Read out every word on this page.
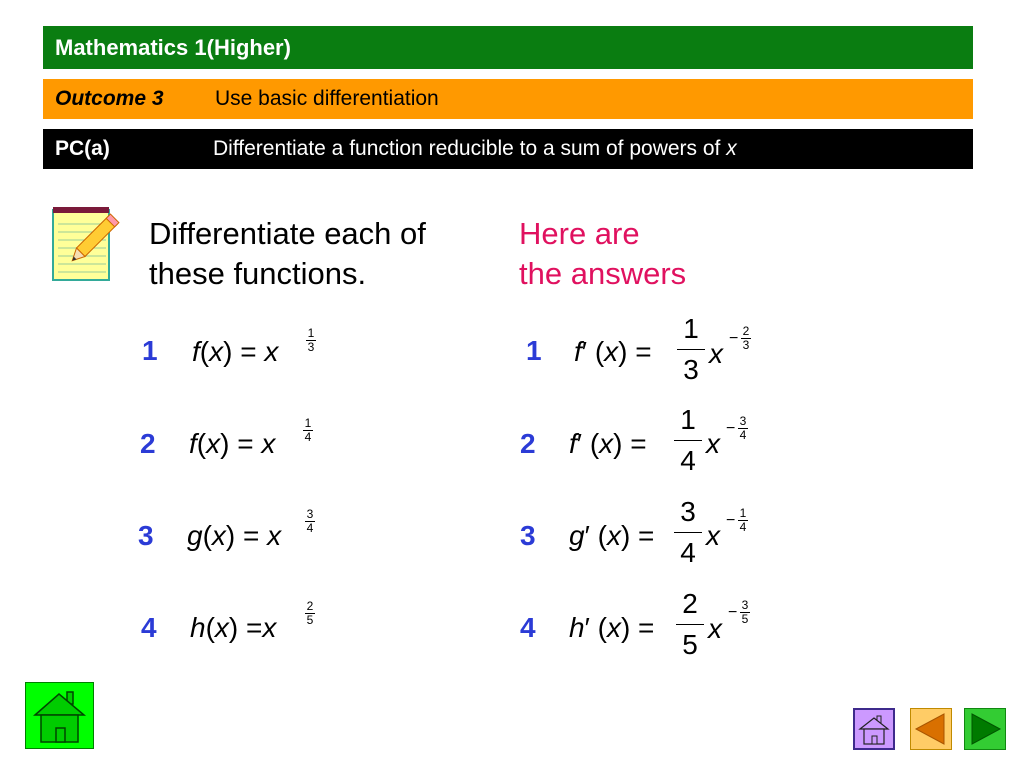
Mathematics 1(Higher)
Outcome 3 Use basic differentiation
PC(a)	Differentiate a function reducible to a sum of powers of x
Differentiate each of
these functions.
Here are
the answers
1 f(x) = x
1
3
2 f(x) = x
1
4
3 g(x) = x
3
4
4 h(x) =x
2
5
1 f′ (x) =
1
3
x − 2
3
2 f′ (x) =
1
4
x − 3
4
3 g′ (x) =
3
4
x − 1
4
4 h′ (x) =
2
5
x
− 3
5
